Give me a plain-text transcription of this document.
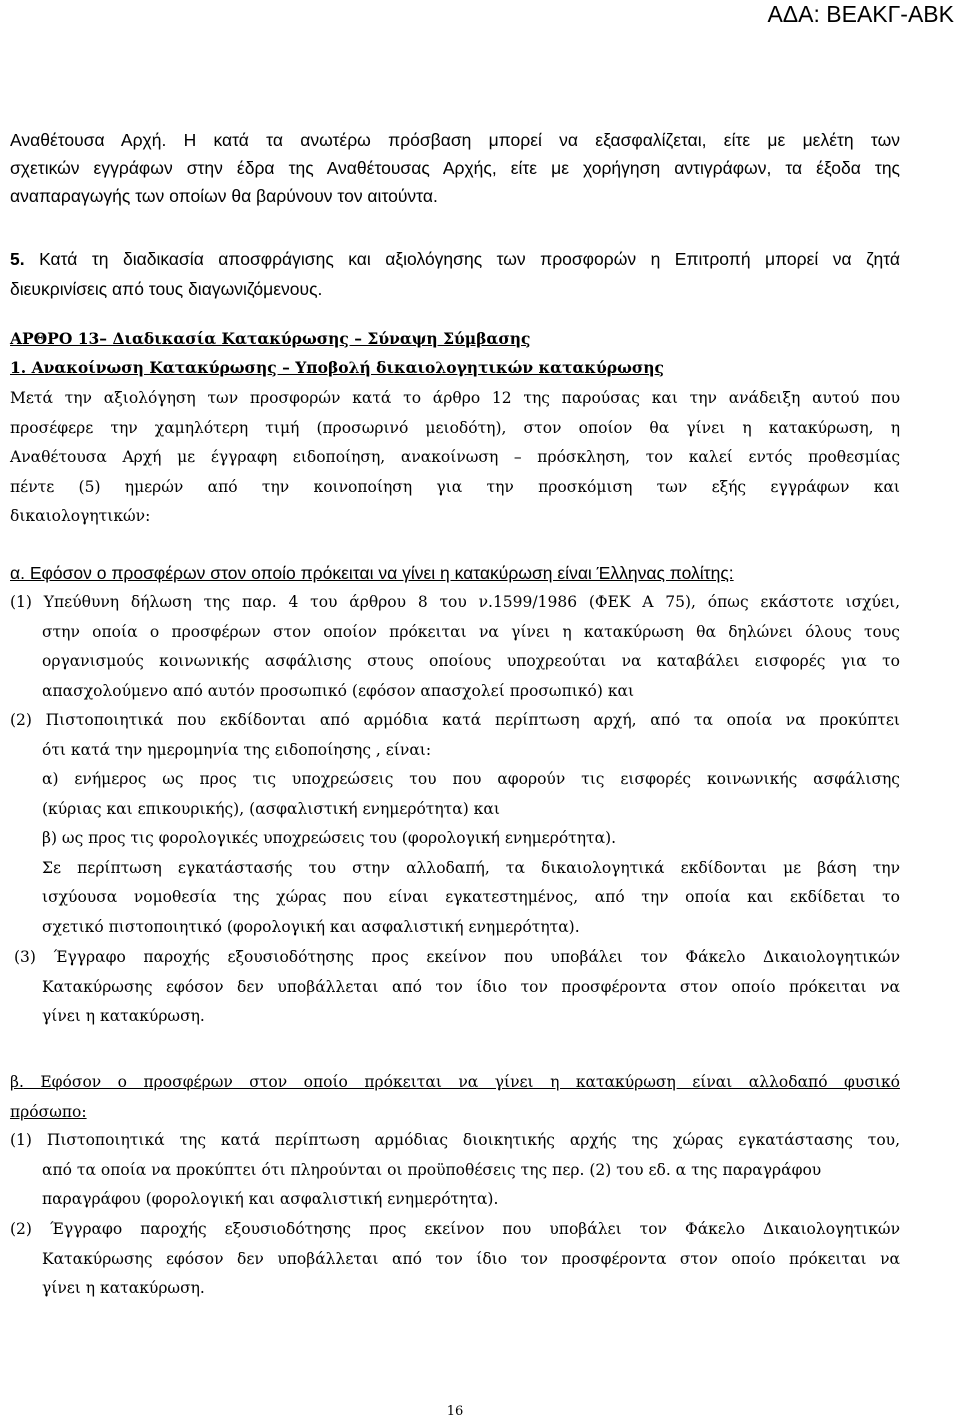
ΑΔΑ: ΒΕΑΚΓ-ΑΒΚ
Αναθέτουσα Αρχή. Η κατά τα ανωτέρω πρόσβαση μπορεί να εξασφαλίζεται, είτε με μελέτη των
σχετικών εγγράφων στην έδρα της Αναθέτουσας Αρχής, είτε με χορήγηση αντιγράφων, τα έξοδα της
αναπαραγωγής των οποίων θα βαρύνουν τον αιτούντα.
5. Κατά τη διαδικασία αποσφράγισης και αξιολόγησης των προσφορών η Επιτροπή μπορεί να ζητά
διευκρινίσεις από τους διαγωνιζόμενους.
ΑΡΘΡΟ 13– Διαδικασία Κατακύρωσης – Σύναψη Σύμβασης
1. Ανακοίνωση Κατακύρωσης – Υποβολή δικαιολογητικών κατακύρωσης
Μετά την αξιολόγηση των προσφορών κατά το άρθρο 12 της παρούσας και την ανάδειξη αυτού που
προσέφερε την χαμηλότερη τιμή (προσωρινό μειοδότη), στον οποίον θα γίνει η κατακύρωση, η
Αναθέτουσα Αρχή με έγγραφη ειδοποίηση, ανακοίνωση – πρόσκληση, τον καλεί εντός προθεσμίας
πέντε (5) ημερών από την κοινοποίηση για την προσκόμιση των εξής εγγράφων και
δικαιολογητικών:
α. Εφόσον ο προσφέρων στον οποίο πρόκειται να γίνει η κατακύρωση είναι Έλληνας πολίτης:
(1) Υπεύθυνη δήλωση της παρ. 4 του άρθρου 8 του ν.1599/1986 (ΦΕΚ Α 75), όπως εκάστοτε ισχύει,
στην οποία ο προσφέρων στον οποίον πρόκειται να γίνει η κατακύρωση θα δηλώνει όλους τους
οργανισμούς κοινωνικής ασφάλισης στους οποίους υποχρεούται να καταβάλει εισφορές για το
απασχολούμενο από αυτόν προσωπικό (εφόσον απασχολεί προσωπικό) και
(2) Πιστοποιητικά που εκδίδονται από αρμόδια κατά περίπτωση αρχή, από τα οποία να προκύπτει
ότι κατά την ημερομηνία της ειδοποίησης , είναι:
α) ενήμερος ως προς τις υποχρεώσεις του που αφορούν τις εισφορές κοινωνικής ασφάλισης
(κύριας και επικουρικής), (ασφαλιστική ενημερότητα) και
β) ως προς τις φορολογικές υποχρεώσεις του (φορολογική ενημερότητα).
Σε περίπτωση εγκατάστασής του στην αλλοδαπή, τα δικαιολογητικά εκδίδονται με βάση την
ισχύουσα νομοθεσία της χώρας που είναι εγκατεστημένος, από την οποία και εκδίδεται το
σχετικό πιστοποιητικό (φορολογική και ασφαλιστική ενημερότητα).
(3) Έγγραφο παροχής εξουσιοδότησης προς εκείνον που υποβάλει τον Φάκελο Δικαιολογητικών
Κατακύρωσης εφόσον δεν υποβάλλεται από τον ίδιο τον προσφέροντα στον οποίο πρόκειται να
γίνει η κατακύρωση.
β. Εφόσον ο προσφέρων στον οποίο πρόκειται να γίνει η κατακύρωση είναι αλλοδαπό φυσικό
πρόσωπο:
(1) Πιστοποιητικά της κατά περίπτωση αρμόδιας διοικητικής αρχής της χώρας εγκατάστασης του,
από τα οποία να προκύπτει ότι πληρούνται οι προϋποθέσεις της περ. (2) του εδ. α της παραγράφου
παραγράφου (φορολογική και ασφαλιστική ενημερότητα).
(2) Έγγραφο παροχής εξουσιοδότησης προς εκείνον που υποβάλει τον Φάκελο Δικαιολογητικών
Κατακύρωσης εφόσον δεν υποβάλλεται από τον ίδιο τον προσφέροντα στον οποίο πρόκειται να
γίνει η κατακύρωση.
16
